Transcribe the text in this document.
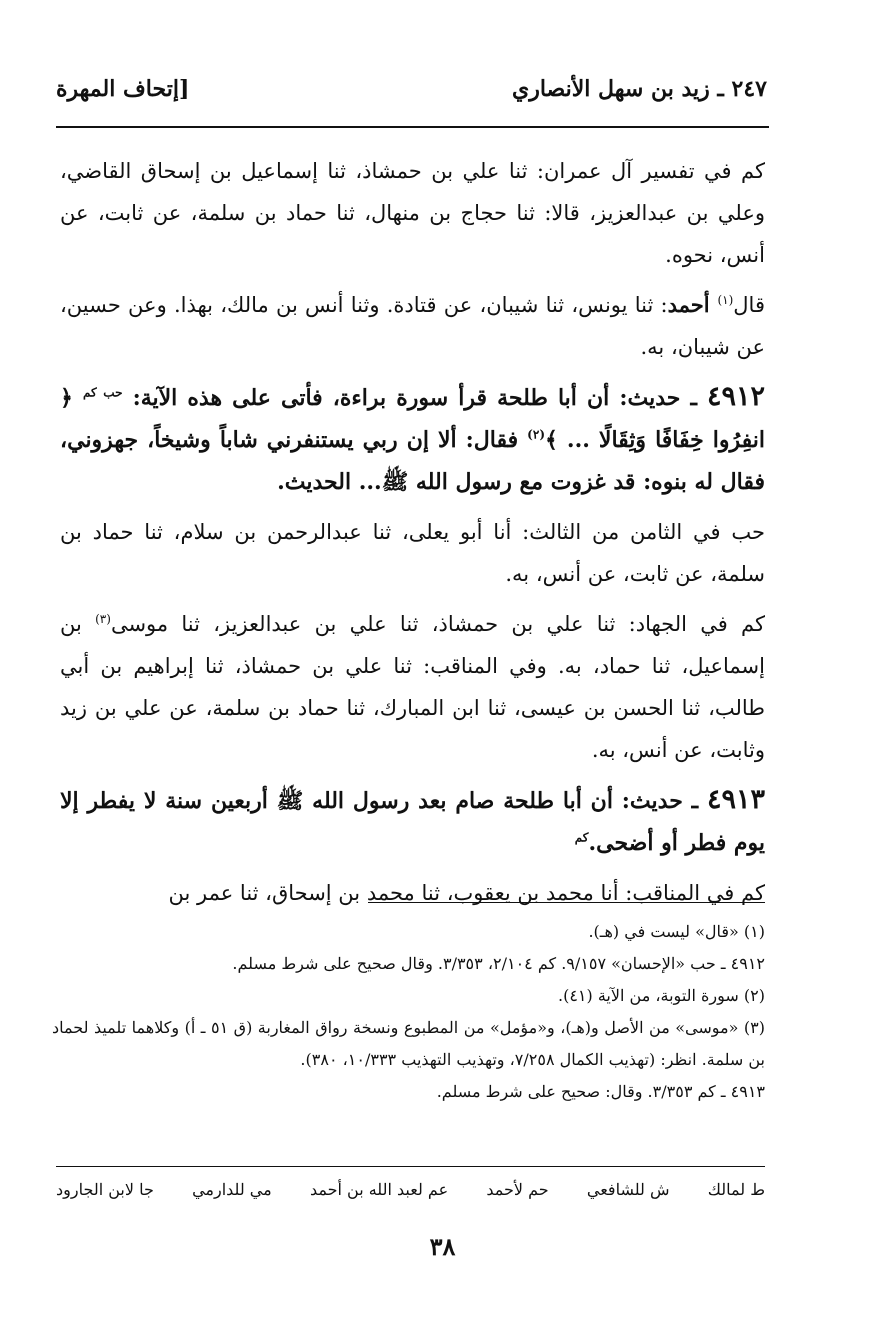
٢٤٧ ـ زيد بن سهل الأنصاري
[إتحاف المهرة

كم في تفسير آل عمران: ثنا علي بن حمشاذ، ثنا إسماعيل بن إسحاق القاضي، وعلي بن عبدالعزيز، قالا: ثنا حجاج بن منهال، ثنا حماد بن سلمة، عن ثابت، عن أنس، نحوه.

قال$^{(١)}$ أحمد: ثنا يونس، ثنا شيبان، عن قتادة. وثنا أنس بن مالك، بهذا. وعن حسين، عن شيبان، به.

٤٩١٢ ـ حديث: أن أبا طلحة قرأ سورة براءة، فأتى على هذه الآية: $^{حب كم}$ ﴿ انفِرُوا خِفَافًا وَثِقَالًا ... ﴾$^{(٢)}$ فقال: ألا إن ربي يستنفرني شاباً وشيخاً، جهزوني، فقال له بنوه: قد غزوت مع رسول الله ﷺ... الحديث.

حب في الثامن من الثالث: أنا أبو يعلى، ثنا عبدالرحمن بن سلام، ثنا حماد بن سلمة، عن ثابت، عن أنس، به.

كم في الجهاد: ثنا علي بن حمشاذ، ثنا علي بن عبدالعزيز، ثنا موسى$^{(٣)}$ بن إسماعيل، ثنا حماد، به. وفي المناقب: ثنا علي بن حمشاذ، ثنا إبراهيم بن أبي طالب، ثنا الحسن بن عيسى، ثنا ابن المبارك، ثنا حماد بن سلمة، عن علي بن زيد وثابت، عن أنس، به.

٤٩١٣ ـ حديث: أن أبا طلحة صام بعد رسول الله ﷺ أربعين سنة لا يفطر إلا يوم فطر أو أضحى.$^{كم}$

كم في المناقب: أنا محمد بن يعقوب، ثنا محمد بن إسحاق، ثنا عمر بن

(١) «قال» ليست في (هـ).

٤٩١٢ ـ حب «الإحسان» ٩/١٥٧. كم ٢/١٠٤، ٣/٣٥٣. وقال صحيح على شرط مسلم.

(٢) سورة التوبة، من الآية (٤١).

(٣) «موسى» من الأصل و(هـ)، و«مؤمل» من المطبوع ونسخة رواق المغاربة (ق ٥١ ـ أ) وكلاهما تلميذ لحماد بن سلمة. انظر: (تهذيب الكمال ٧/٢٥٨، وتهذيب التهذيب ١٠/٣٣٣، ٣٨٠).

٤٩١٣ ـ كم ٣/٣٥٣. وقال: صحيح على شرط مسلم.

ط لمالك
ش للشافعي
حم لأحمد
عم لعبد الله بن أحمد
مي للدارمي
جا لابن الجارود
٣٨
